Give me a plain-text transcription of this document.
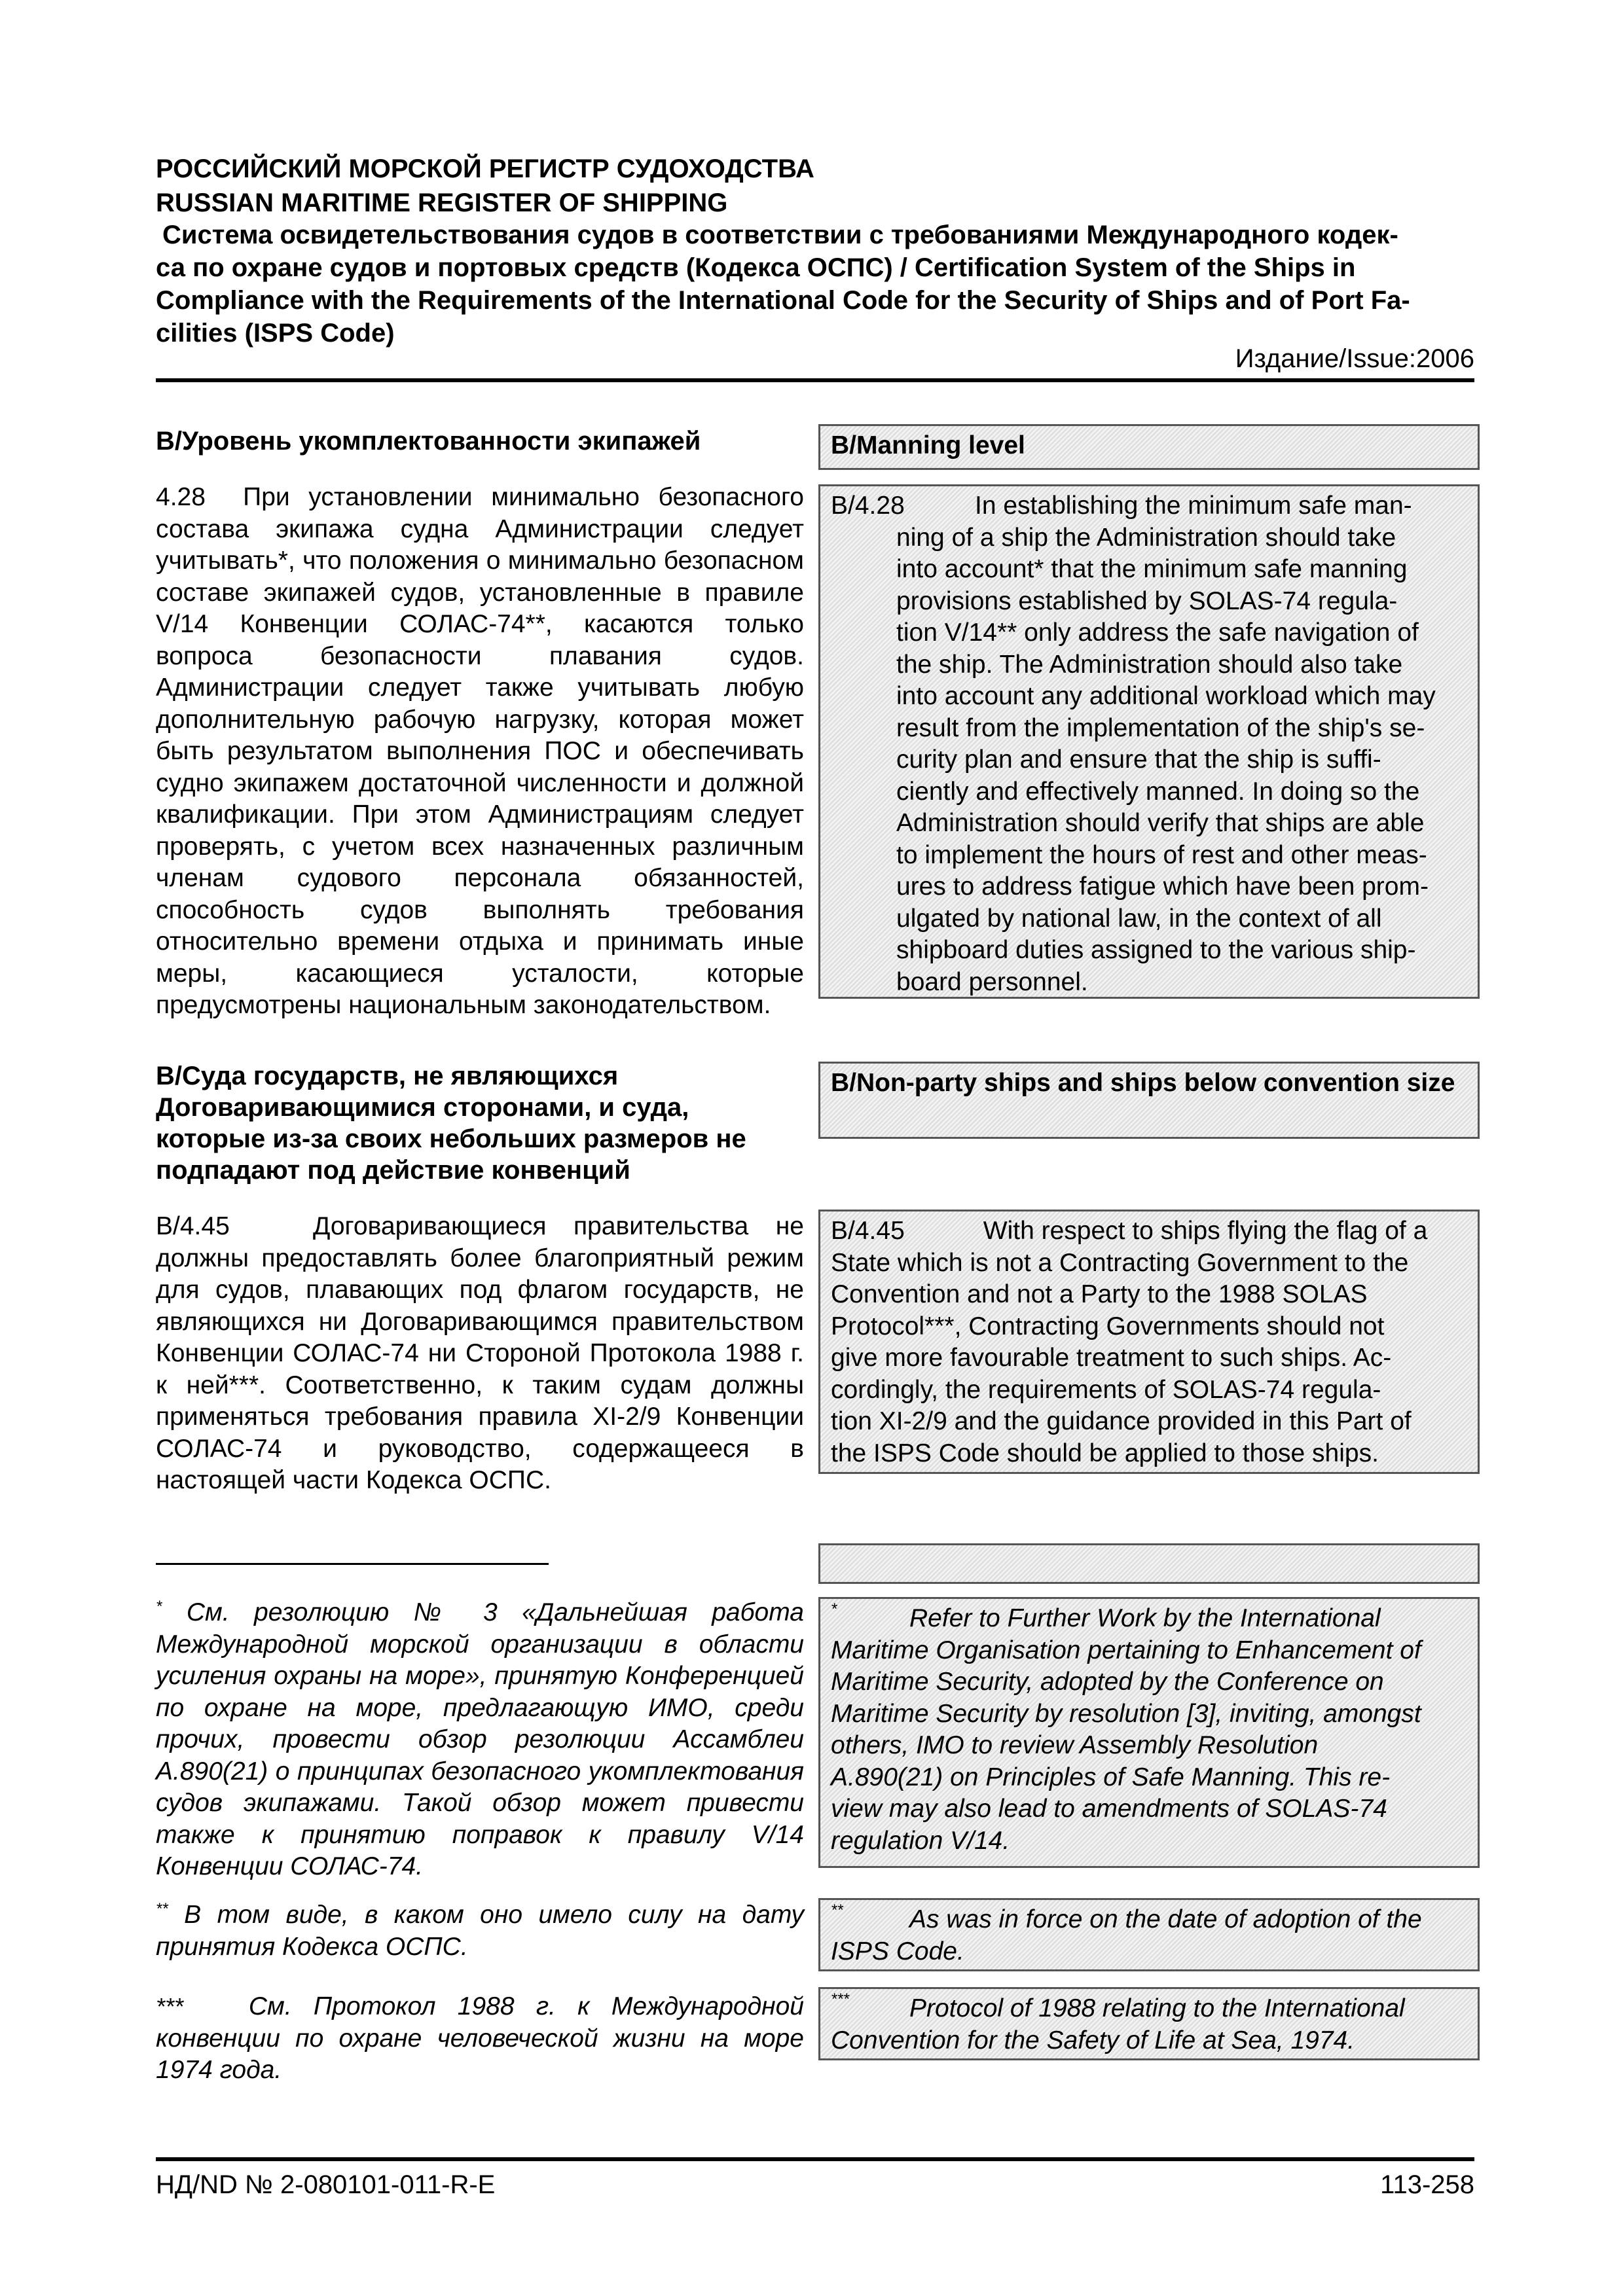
РОССИЙСКИЙ МОРСКОЙ РЕГИСТР СУДОХОДСТВА
RUSSIAN MARITIME REGISTER OF SHIPPING
Система освидетельствования судов в соответствии с требованиями Международного кодек-
са по охране судов и портовых средств (Кодекса ОСПС) / Certification System of the Ships in
Compliance with the Requirements of the International Code for the Security of Ships and of Port Fa-
cilities (ISPS Code)
Издание/Issue:2006
B/Уровень укомплектованности экипажей	B/Manning level
4.28 При установлении минимально безопасного состава экипажа судна Администрации следует учитывать*, что положения о минимально безопасном составе экипажей судов, установленные в правиле V/14 Конвенции СОЛАС-74**, касаются только вопроса безопасности плавания судов. Администрации следует также учитывать любую дополнительную рабочую нагрузку, которая может быть результатом выполнения ПОС и обеспечивать судно экипажем достаточной численности и должной квалификации. При этом Администрациям следует проверять, с учетом всех назначенных различным членам судового персонала обязанностей, способность судов выполнять требования относительно времени отдыха и принимать иные меры, касающиеся усталости, которые предусмотрены национальным законодательством.
B/4.28	In establishing the minimum safe man-
ning of a ship the Administration should take
into account* that the minimum safe manning
provisions established by SOLAS-74 regula-
tion V/14** only address the safe navigation of
the ship. The Administration should also take
into account any additional workload which may
result from the implementation of the ship's se-
curity plan and ensure that the ship is suffi-
ciently and effectively manned. In doing so the
Administration should verify that ships are able
to implement the hours of rest and other meas-
ures to address fatigue which have been prom-
ulgated by national law, in the context of all
shipboard duties assigned to the various ship-
board personnel.
B/Суда государств, не являющихся Договаривающимися сторонами, и суда, которые из-за своих небольших размеров не подпадают под действие конвенций
B/Non-party ships and ships below convention size
B/4.45	Договаривающиеся правительства не должны предоставлять более благоприятный режим для судов, плавающих под флагом государств, не являющихся ни Договаривающимся правительством Конвенции СОЛАС-74 ни Стороной Протокола 1988 г. к ней***. Соответственно, к таким судам должны применяться требования правила XI-2/9 Конвенции СОЛАС-74 и руководство, содержащееся в настоящей части Кодекса ОСПС.
B/4.45	With respect to ships flying the flag of a
State which is not a Contracting Government to the
Convention and not a Party to the 1988 SOLAS
Protocol***, Contracting Governments should not
give more favourable treatment to such ships. Ac-
cordingly, the requirements of SOLAS-74 regula-
tion XI-2/9 and the guidance provided in this Part of
the ISPS Code should be applied to those ships.
* См. резолюцию № 3 «Дальнейшая работа Международной морской организации в области усиления охраны на море», принятую Конференцией по охране на море, предлагающую ИМО, среди прочих, провести обзор резолюции Ассамблеи А.890(21) о принципах безопасного укомплектования судов экипажами. Такой обзор может привести также к принятию поправок к правилу V/14 Конвенции СОЛАС-74.
*	Refer to Further Work by the International
Maritime Organisation pertaining to Enhancement of
Maritime Security, adopted by the Conference on
Maritime Security by resolution [3], inviting, amongst
others, IMO to review Assembly Resolution
A.890(21) on Principles of Safe Manning. This re-
view may also lead to amendments of SOLAS-74
regulation V/14.
** В том виде, в каком оно имело силу на дату принятия Кодекса ОСПС.
**	As was in force on the date of adoption of the
ISPS Code.
***	См. Протокол 1988 г. к Международной конвенции по охране человеческой жизни на море 1974 года.
***	Protocol of 1988 relating to the International
Convention for the Safety of Life at Sea, 1974.
НД/ND № 2-080101-011-R-E	113-258
